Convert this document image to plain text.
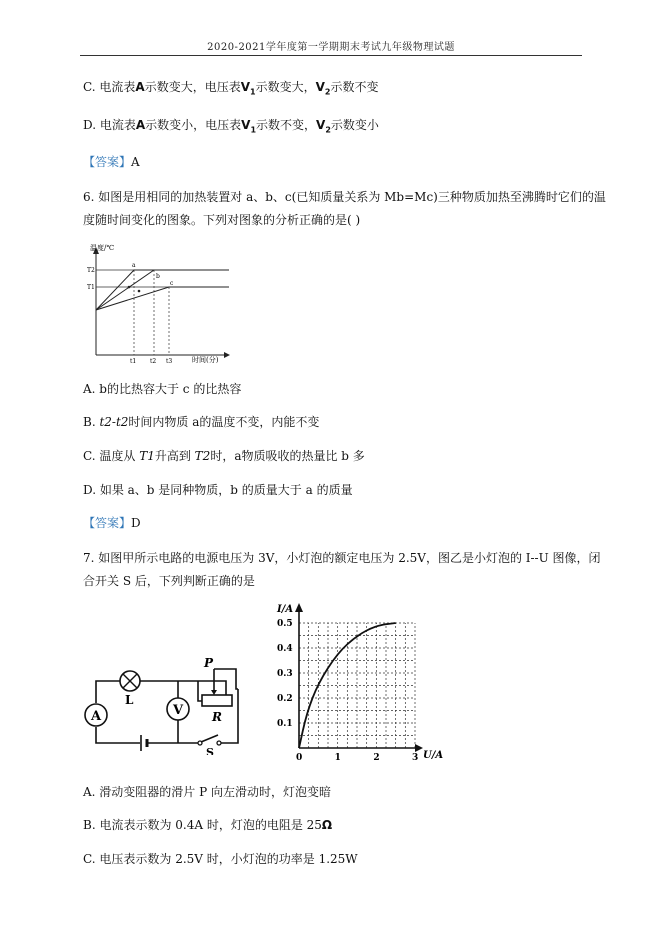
2020-2021学年度第一学期期末考试九年级物理试题
C. 电流表A示数变大，电压表$V_1$示数变大，$V_2$示数不变
D. 电流表A示数变小，电压表$V_1$示数不变，$V_2$示数变小
【答案】A
6. 如图是用相同的加热装置对 a、b、c(已知质量关系为 Mb=Mc)三种物质加热至沸腾时它们的温
度随时间变化的图象。下列对图象的分析正确的是( )
温度/℃
时间(分)
T2
T1
a
b
c
t1 t2 t3
A. b的比热容大于 c 的比热容
B. t2-t2时间内物质 a的温度不变，内能不变
C. 温度从 T1升高到 T2时，a物质吸收的热量比 b 多
D. 如果 a、b 是同种物质，b 的质量大于 a 的质量
【答案】D
7. 如图甲所示电路的电源电压为 3V，小灯泡的额定电压为 2.5V，图乙是小灯泡的 I--U 图像，闭
合开关 S 后，下列判断正确的是
A
L
V
P
R
S
I/A
U/A
0.1
0.2
0.3
0.4
0.5
0	1	2	3
A. 滑动变阻器的滑片 P 向左滑动时，灯泡变暗
B. 电流表示数为 0.4A 时，灯泡的电阻是 25Ω
C. 电压表示数为 2.5V 时，小灯泡的功率是 1.25W
